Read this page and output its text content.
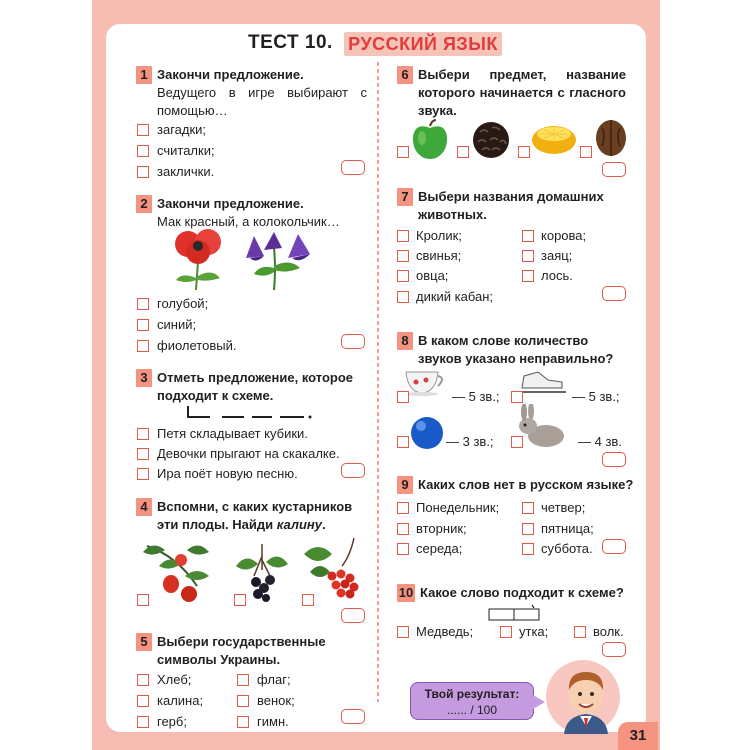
ТЕСТ 10. РУССКИЙ ЯЗЫК
1 Закончи предложение.
Ведущего в игре выбирают с помощью…
загадки;
считалки;
заклички.
2 Закончи предложение.
Мак красный, а колокольчик…
голубой;
синий;
фиолетовый.
3 Отметь предложение, которое подходит к схеме.
Петя складывает кубики.
Девочки прыгают на скакалке.
Ира поёт новую песню.
4 Вспомни, с каких кустарников эти плоды. Найди калину.
5 Выбери государственные символы Украины.
Хлеб;
калина;
герб;
флаг;
венок;
гимн.
6 Выбери предмет, название которого начинается с гласного звука.
7 Выбери названия домашних животных.
Кролик;
свинья;
овца;
дикий кабан;
корова;
заяц;
лось.
8 В каком слове количество звуков указано неправильно?
— 5 зв.;	— 5 зв.;
— 3 зв.;	— 4 зв.
9 Каких слов нет в русском языке?
Понедельник;
вторник;
середа;
четвер;
пятница;
суббота.
10 Какое слово подходит к схеме?
Медведь;	утка;	волк.
Твой результат:
...... / 100
31
